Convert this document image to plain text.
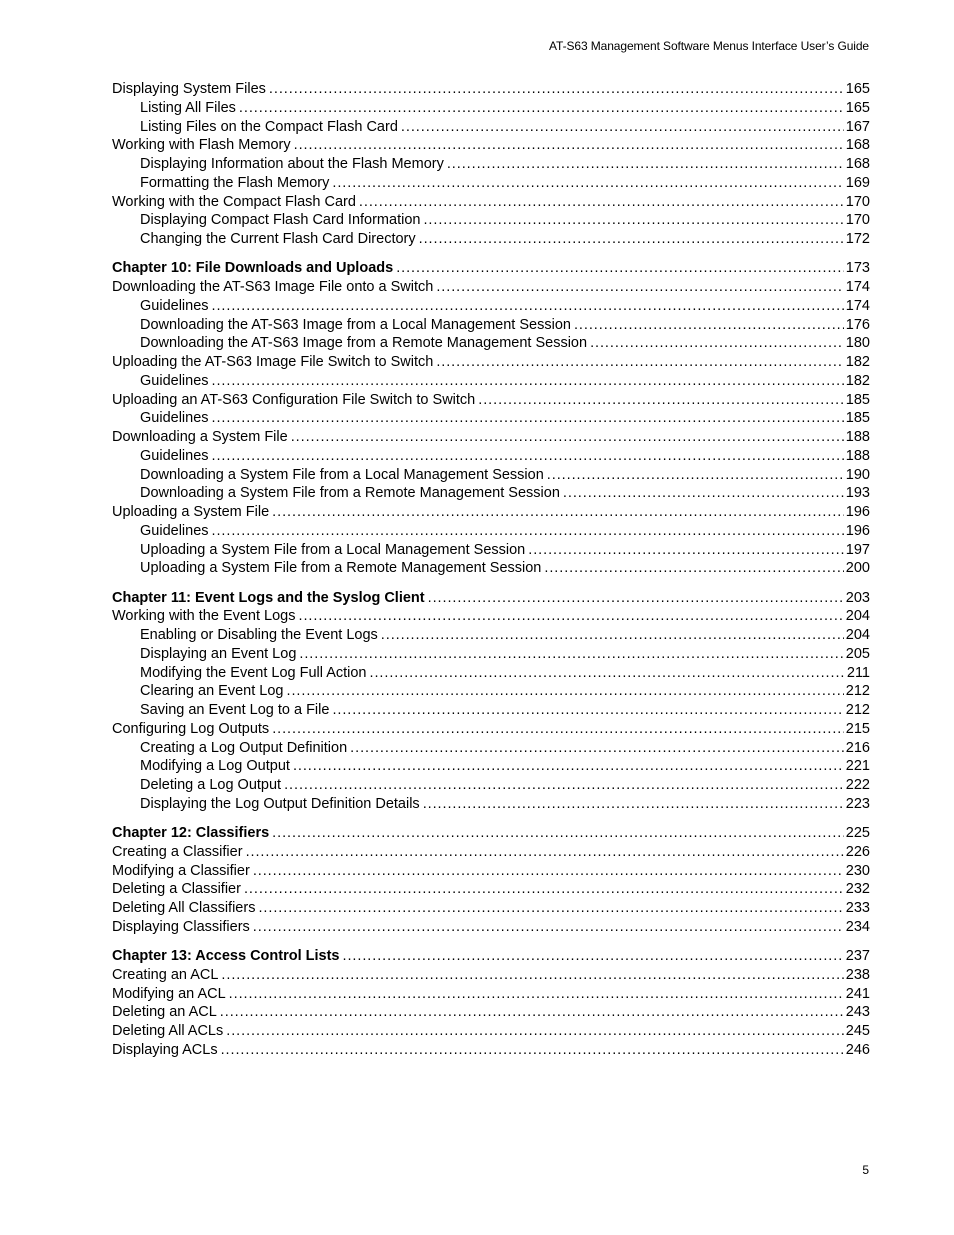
AT-S63 Management Software Menus Interface User’s Guide
Displaying System Files . . .	165
Listing All Files . . .	165
Listing Files on the Compact Flash Card . . .	167
Working with Flash Memory . . .	168
Displaying Information about the Flash Memory . . .	168
Formatting the Flash Memory . . .	169
Working with the Compact Flash Card . . .	170
Displaying Compact Flash Card Information . . .	170
Changing the Current Flash Card Directory . . .	172
Chapter 10: File Downloads and Uploads . . .	173
Downloading the AT-S63 Image File onto a Switch . . .	174
Guidelines . . .	174
Downloading the AT-S63 Image from a Local Management Session . . .	176
Downloading the AT-S63 Image from a Remote Management Session . . .	180
Uploading the AT-S63 Image File Switch to Switch . . .	182
Guidelines . . .	182
Uploading an AT-S63 Configuration File Switch to Switch . . .	185
Guidelines . . .	185
Downloading a System File . . .	188
Guidelines . . .	188
Downloading a System File from a Local Management Session . . .	190
Downloading a System File from a Remote Management Session . . .	193
Uploading a System File . . .	196
Guidelines . . .	196
Uploading a System File from a Local Management Session . . .	197
Uploading a System File from a Remote Management Session . . .	200
Chapter 11: Event Logs and the Syslog Client . . .	203
Working with the Event Logs . . .	204
Enabling or Disabling the Event Logs . . .	204
Displaying an Event Log . . .	205
Modifying the Event Log Full Action . . .	211
Clearing an Event Log . . .	212
Saving an Event Log to a File . . .	212
Configuring Log Outputs . . .	215
Creating a Log Output Definition . . .	216
Modifying a Log Output . . .	221
Deleting a Log Output . . .	222
Displaying the Log Output Definition Details . . .	223
Chapter 12: Classifiers . . .	225
Creating a Classifier . . .	226
Modifying a Classifier . . .	230
Deleting a Classifier . . .	232
Deleting All Classifiers . . .	233
Displaying Classifiers . . .	234
Chapter 13: Access Control Lists . . .	237
Creating an ACL . . .	238
Modifying an ACL . . .	241
Deleting an ACL . . .	243
Deleting All ACLs . . .	245
Displaying ACLs . . .	246
5
